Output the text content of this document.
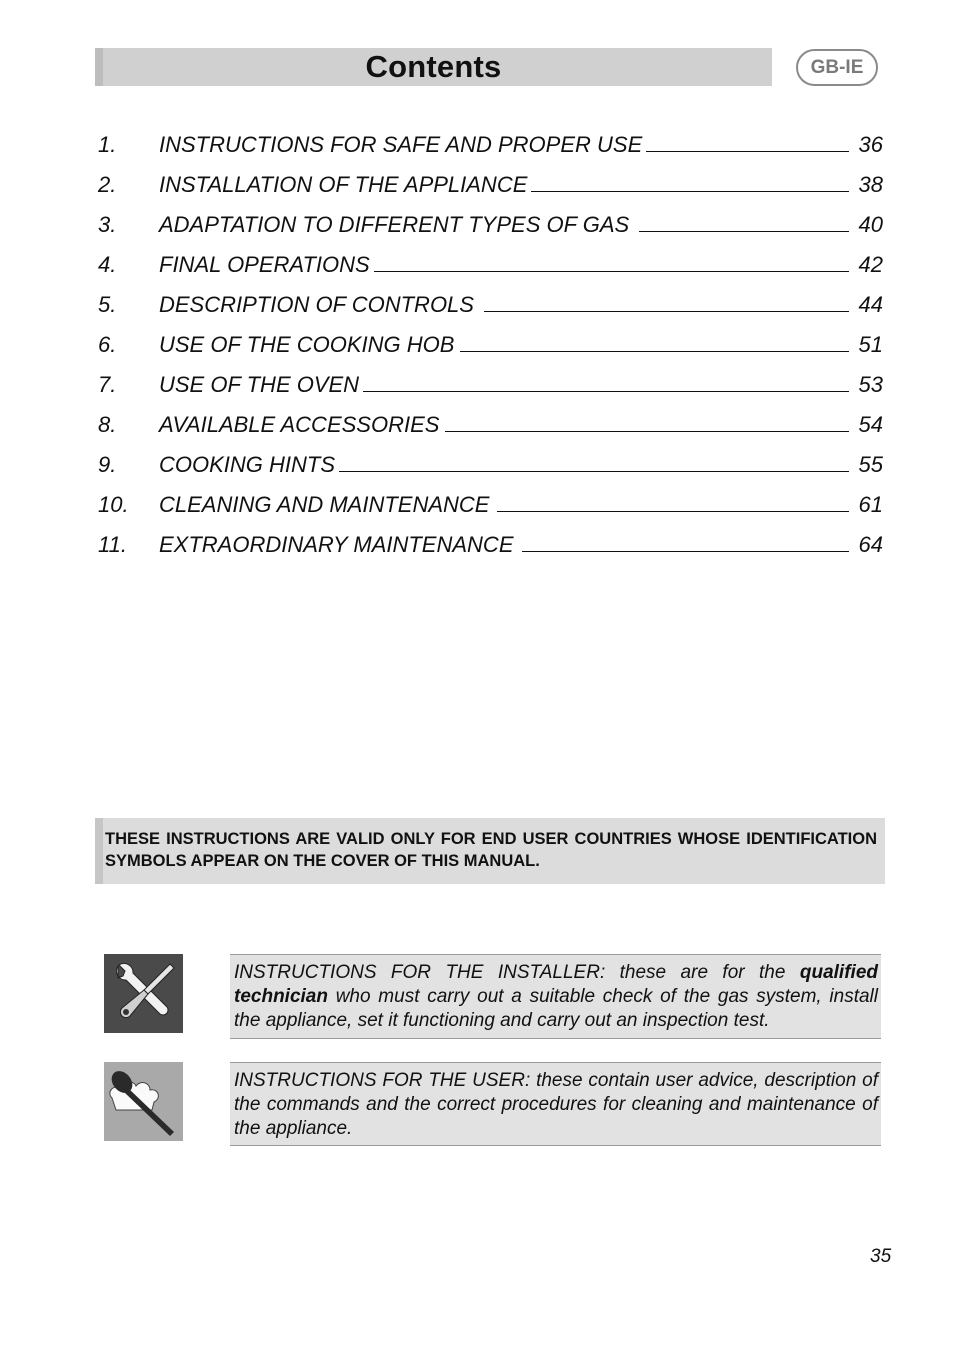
Contents	GB-IE
1. INSTRUCTIONS FOR SAFE AND PROPER USE	36
2. INSTALLATION OF THE APPLIANCE	38
3. ADAPTATION TO DIFFERENT TYPES OF GAS	40
4. FINAL OPERATIONS	42
5. DESCRIPTION OF CONTROLS	44
6. USE OF THE COOKING HOB	51
7. USE OF THE OVEN	53
8. AVAILABLE ACCESSORIES	54
9. COOKING HINTS	55
10. CLEANING AND MAINTENANCE	61
11. EXTRAORDINARY MAINTENANCE	64
THESE INSTRUCTIONS ARE VALID ONLY FOR END USER COUNTRIES WHOSE IDENTIFICATION SYMBOLS APPEAR ON THE COVER OF THIS MANUAL.
INSTRUCTIONS FOR THE INSTALLER: these are for the qualified technician who must carry out a suitable check of the gas system, install the appliance, set it functioning and carry out an inspection test.
INSTRUCTIONS FOR THE USER: these contain user advice, description of the commands and the correct procedures for cleaning and maintenance of the appliance.
35
